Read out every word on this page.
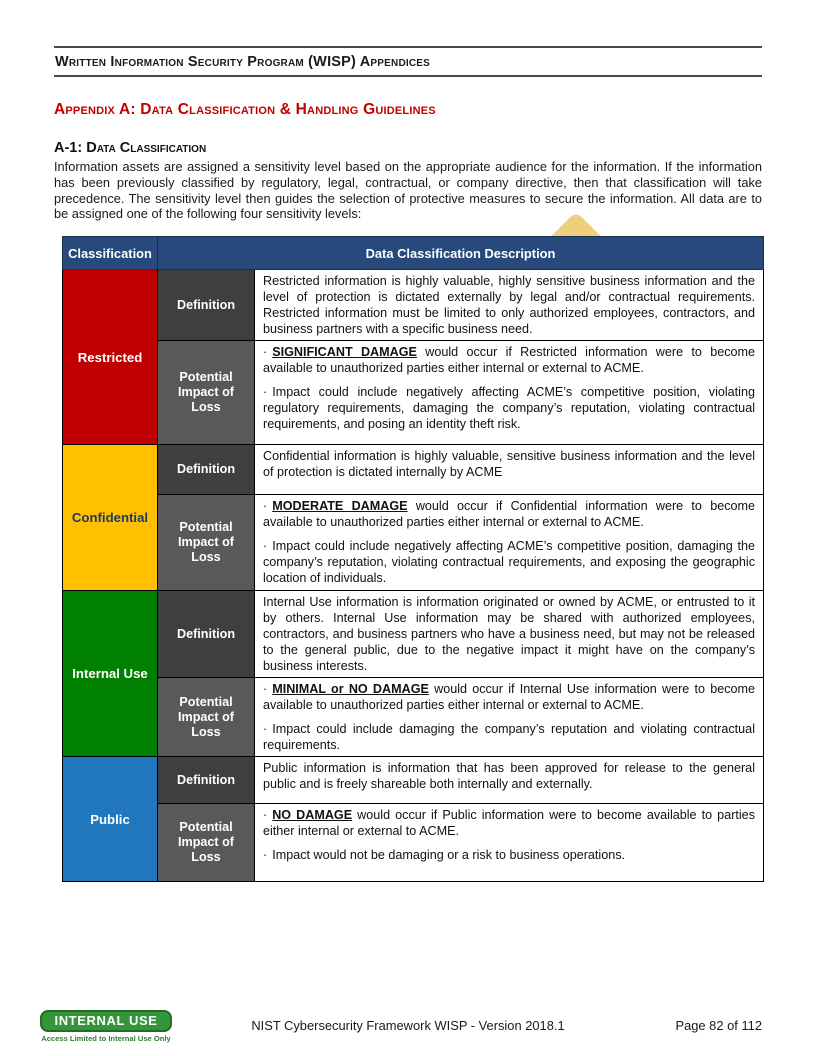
Written Information Security Program (WISP) Appendices
Appendix A: Data Classification & Handling Guidelines
A-1: Data Classification

Information assets are assigned a sensitivity level based on the appropriate audience for the information. If the information has been previously classified by regulatory, legal, contractual, or company directive, then that classification will take precedence. The sensitivity level then guides the selection of protective measures to secure the information. All data are to be assigned one of the following four sensitivity levels:

Classification	Data Classification Description	
Restricted	Definition	Restricted information is highly valuable, highly sensitive business information and the level of protection is dictated externally by legal and/or contractual requirements. Restricted information must be limited to only authorized employees, contractors, and business partners with a specific business need.

	Potential Impact of Loss	· SIGNIFICANT DAMAGE would occur if Restricted information were to become available to unauthorized parties either internal or external to ACME.

· Impact could include negatively affecting ACME’s competitive position, violating regulatory requirements, damaging the company’s reputation, violating contractual requirements, and posing an identity theft risk.

Confidential	Definition	Confidential information is highly valuable, sensitive business information and the level of protection is dictated internally by ACME

	Potential Impact of Loss	· MODERATE DAMAGE would occur if Confidential information were to become available to unauthorized parties either internal or external to ACME.

· Impact could include negatively affecting ACME’s competitive position, damaging the company’s reputation, violating contractual requirements, and exposing the geographic location of individuals.

Internal Use	Definition	Internal Use information is information originated or owned by ACME, or entrusted to it by others. Internal Use information may be shared with authorized employees, contractors, and business partners who have a business need, but may not be released to the general public, due to the negative impact it might have on the company’s business interests.

	Potential Impact of Loss	· MINIMAL or NO DAMAGE would occur if Internal Use information were to become available to unauthorized parties either internal or external to ACME.

· Impact could include damaging the company’s reputation and violating contractual requirements.

Public	Definition	Public information is information that has been approved for release to the general public and is freely shareable both internally and externally.

	Potential Impact of Loss	· NO DAMAGE would occur if Public information were to become available to parties either internal or external to ACME.

· Impact would not be damaging or a risk to business operations.

INTERNAL USE
Access Limited to Internal Use Only
NIST Cybersecurity Framework WISP - Version 2018.1	Page 82 of 112
